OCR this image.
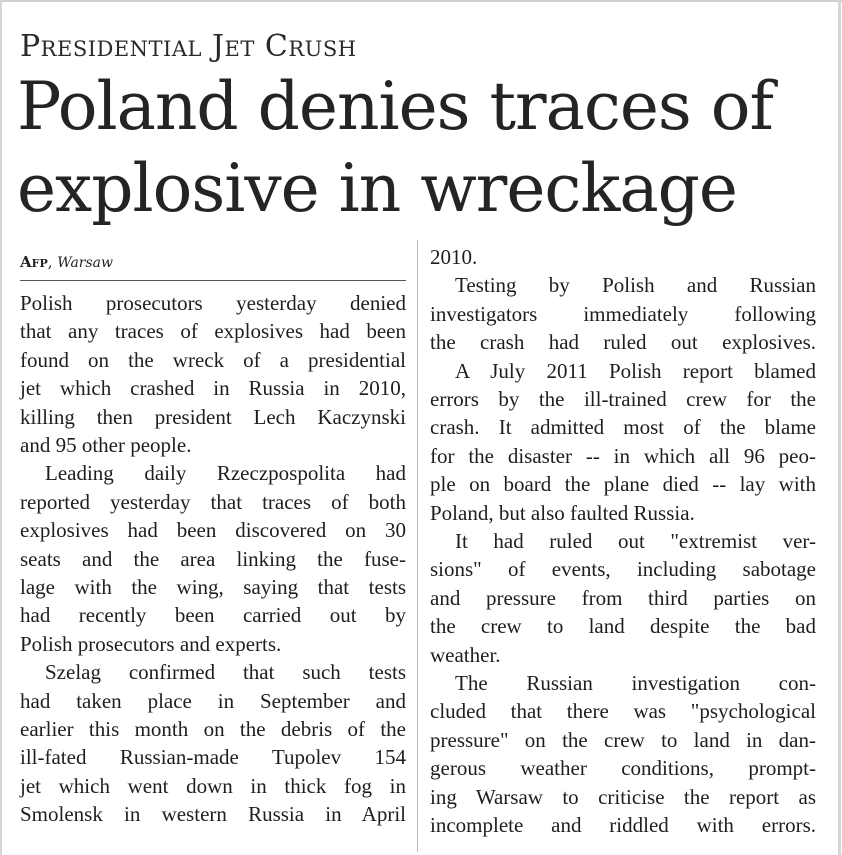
Presidential Jet Crush
Poland denies traces of
explosive in wreckage
Afp, Warsaw
Polish prosecutors yesterday denied
that any traces of explosives had been
found on the wreck of a presidential
jet which crashed in Russia in 2010,
killing then president Lech Kaczynski
and 95 other people.
Leading daily Rzeczpospolita had
reported yesterday that traces of both
explosives had been discovered on 30
seats and the area linking the fuse-
lage with the wing, saying that tests
had recently been carried out by
Polish prosecutors and experts.
Szelag confirmed that such tests
had taken place in September and
earlier this month on the debris of the
ill-fated Russian-made Tupolev 154
jet which went down in thick fog in
Smolensk in western Russia in April
2010.
Testing by Polish and Russian
investigators immediately following
the crash had ruled out explosives.
A July 2011 Polish report blamed
errors by the ill-trained crew for the
crash. It admitted most of the blame
for the disaster -- in which all 96 peo-
ple on board the plane died -- lay with
Poland, but also faulted Russia.
It had ruled out "extremist ver-
sions" of events, including sabotage
and pressure from third parties on
the crew to land despite the bad
weather.
The Russian investigation con-
cluded that there was "psychological
pressure" on the crew to land in dan-
gerous weather conditions, prompt-
ing Warsaw to criticise the report as
incomplete and riddled with errors.
